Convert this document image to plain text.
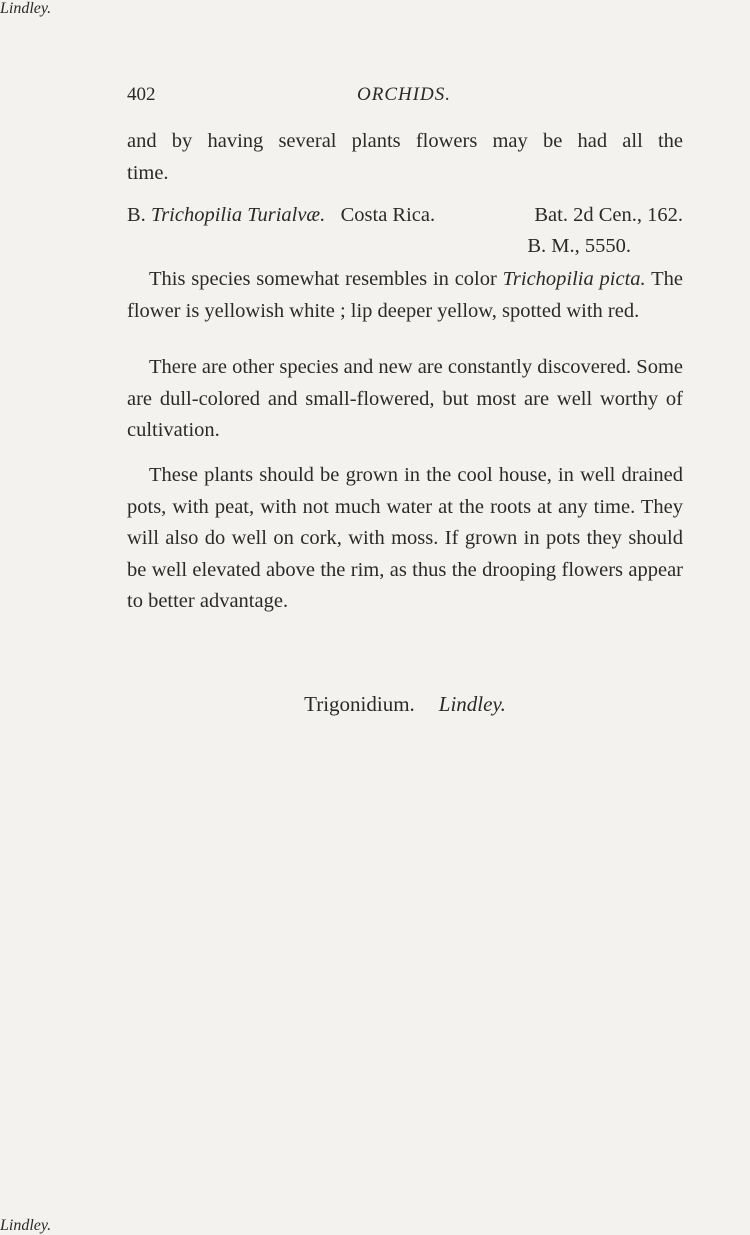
402	ORCHIDS.
and by having several plants flowers may be had all the
time.
B. Trichopilia Turialvæ. Costa Rica.	Bat. 2d Cen., 162.
B. M., 5550.
This species somewhat resembles in color Trichopilia picta. The flower is yellowish white ; lip deeper yellow, spotted with red.
There are other species and new are constantly discovered. Some are dull-colored and small-flowered, but most are well worthy of cultivation.
These plants should be grown in the cool house, in well drained pots, with peat, with not much water at the roots at any time. They will also do well on cork, with moss. If grown in pots they should be well elevated above the rim, as thus the drooping flowers appear to better advantage.
Trigonidium. Lindley.
Lindley.
Lindley.
